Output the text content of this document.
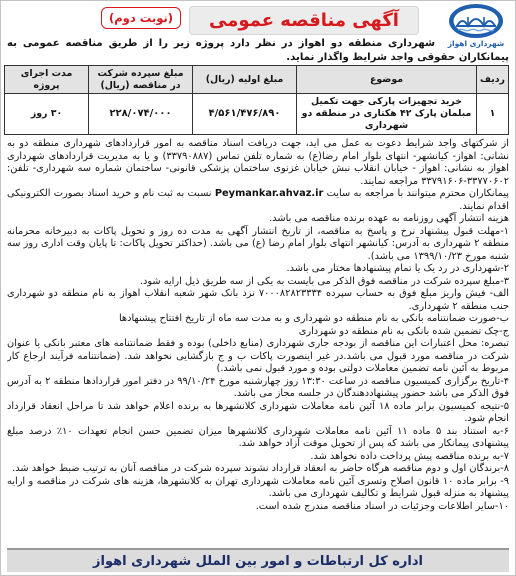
شهرداری اهواز
آگهی مناقصه عمومی
(نوبت دوم)

شهرداری منطقه دو اهواز در نظر دارد پروژه زیر را از طریق مناقصه عمومی به پیمانکاران حقوقی واجد شرایط واگذار نماید.

ردیف	موضوع	مبلغ اولیه (ریال)	مبلغ سپرده شرکت در مناقصه (ریال)	مدت اجرای پروژه
۱	خرید تجهیزات پارکی جهت تکمیل مبلمان پارک ۴۲ هکتاری در منطقه دو شهرداری	۴/۵۶۱/۴۷۶/۸۹۰	۲۲۸/۰۷۴/۰۰۰	۳۰ روز

از شرکتهای واجد شرایط دعوت به عمل می آید، جهت دریافت اسناد مناقصه به امور قراردادهای شهرداری منطقه دو به نشانی: اهواز- کیانشهر- انتهای بلوار امام رضا(ع) به شماره تلفن تماس (۳۳۷۹۰۸۸۷) و یا به مدیریت قراردادهای شهرداری اهواز به نشانی: اهواز - خیابان انقلاب نبش خیابان غزنوی ساختمان پزشکی قانونی- ساختمان شماره سه شهرداری- تلفن: ۳۳۷۷۰۶۰۲-۳۳۷۹۱۶۰۶ مراجعه نمایند.

پیمانکاران محترم میتوانند با مراجعه به سایت Peymankar.ahvaz.ir نسبت به ثبت نام و خرید اسناد بصورت الکترونیکی اقدام نمایند.

هزینه انتشار آگهی روزنامه به عهده برنده مناقصه می باشد.

۱-مهلت قبول پیشنهاد نرخ و پاسخ به مناقصه، از تاریخ انتشار آگهی به مدت ده روز و تحویل پاکات به دبیرخانه محرمانه منطقه ۲ شهرداری به آدرس: کیانشهر انتهای بلوار امام رضا (ع) می باشد. (حداکثر تحویل پاکات: تا پایان وقت اداری روز سه شنبه مورخ ۱۳۹۹/۱۰/۲۳ می باشد).

۲-شهرداری در رد یک یا تمام پیشنهادها مختار می باشد.

۳-مبلغ سپرده شرکت در مناقصه فوق الذکر می بایست به یکی از سه طریق ذیل ارایه شود.

الف- فیش واریز مبلغ فوق به حساب سپرده ۷۰۰۰۸۲۸۲۳۳۳۴ نزد بانک شهر شعبه انقلاب اهواز به نام منطقه دو شهرداری جنب منطقه ۲ شهرداری.

ب-صورت ضمانتنامه بانکی به نام منطقه دو شهرداری و به مدت سه ماه از تاریخ افتتاح پیشنهادها

ج-چک تضمین شده بانکی به نام منطقه دو شهرداری

تبصره: محل اعتبارات این مناقصه از بودجه جاری شهرداری (منابع داخلی) بوده و فقط ضمانتنامه های معتبر بانکی یا عنوان شرکت در مناقصه مورد قبول می باشد.در غیر اینصورت پاکات ب و ج بازگشایی نخواهد شد. (ضمانتنامه فرآیند ارجاع کار مربوط به آئین نامه تضمین معاملات دولتی بوده و مورد قبول نمی باشد.)

۴-تاریخ برگزاری کمیسیون مناقصه در ساعت ۱۳:۳۰ روز چهارشنبه مورخ ۹۹/۱۰/۲۴ در دفتر امور قراردادها منطقه ۲ به آدرس فوق الذکر می باشد حضور پیشنهاددهندگان در جلسه مجاز می باشد.

۵-نتیجه کمیسیون برابر ماده ۱۸ آئین نامه معاملات شهرداری کلانشهرها به برنده اعلام خواهد شد تا مراحل انعقاد قرارداد انجام شود.

۶-به استناد بند ۵ ماده ۱۱ آئین نامه معاملات شهرداری کلانشهرها میزان تضمین حسن انجام تعهدات ۱۰٪ درصد مبلغ پیشنهادی پیمانکار می باشد که پس از تحویل موقت آزاد خواهد شد.

۷-به برنده مناقصه پیش پرداخت داده نخواهد شد.

۸-برندگان اول و دوم مناقصه هرگاه حاضر به انعقاد قرارداد نشوند سپرده شرکت در مناقصه آنان به ترتیب ضبط خواهد شد.

۹- برابر ماده ۱۰ قانون اصلاح وتسری آئین نامه معاملات شهرداری تهران به کلانشهرها، هزینه های شرکت در مناقصه و ارایه پیشنهاد به منزله قبول شرایط و تکالیف شهرداری می باشد.

۱۰-سایر اطلاعات وجزئیات در اسناد مناقصه مندرج شده است.

اداره کل ارتباطات و امور بین الملل شهرداری اهواز
